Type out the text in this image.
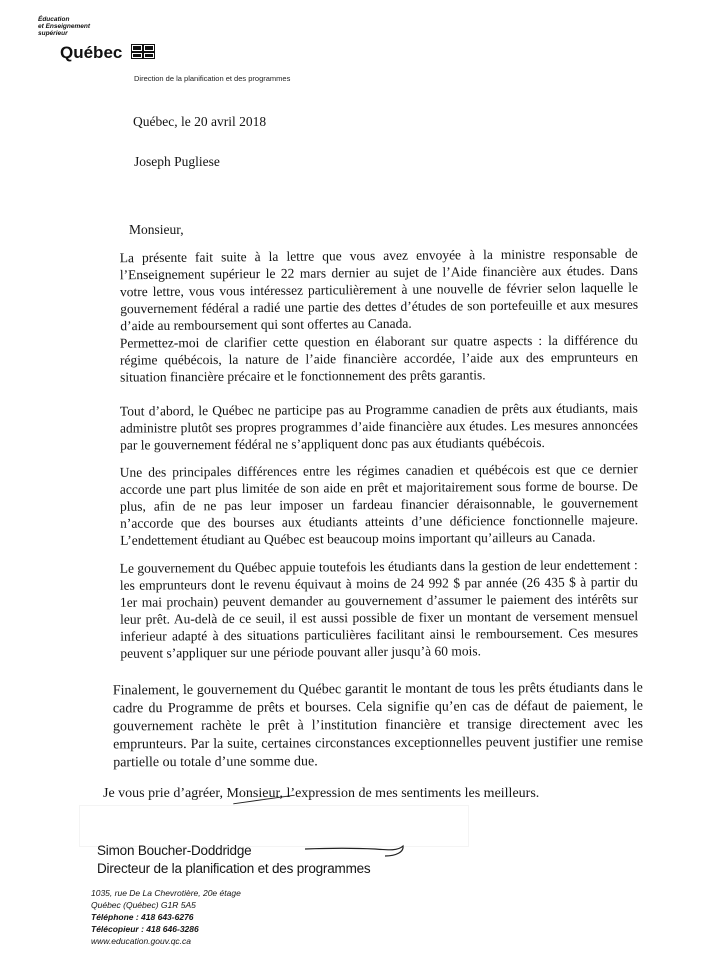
Éducation
et Enseignement
supérieur
Québec
Direction de la planification et des programmes
Québec, le 20 avril 2018
Joseph Pugliese
Monsieur,

La présente fait suite à la lettre que vous avez envoyée à la ministre responsable de l’Enseignement supérieur le 22 mars dernier au sujet de l’Aide financière aux études. Dans votre lettre, vous vous intéressez particulièrement à une nouvelle de février selon laquelle le gouvernement fédéral a radié une partie des dettes d’études de son portefeuille et aux mesures d’aide au remboursement qui sont offertes au Canada.

Permettez-moi de clarifier cette question en élaborant sur quatre aspects : la différence du régime québécois, la nature de l’aide financière accordée, l’aide aux des emprunteurs en situation financière précaire et le fonctionnement des prêts garantis.

Tout d’abord, le Québec ne participe pas au Programme canadien de prêts aux étudiants, mais administre plutôt ses propres programmes d’aide financière aux études. Les mesures annoncées par le gouvernement fédéral ne s’appliquent donc pas aux étudiants québécois.

Une des principales différences entre les régimes canadien et québécois est que ce dernier accorde une part plus limitée de son aide en prêt et majoritairement sous forme de bourse. De plus, afin de ne pas leur imposer un fardeau financier déraisonnable, le gouvernement n’accorde que des bourses aux étudiants atteints d’une déficience fonctionnelle majeure. L’endettement étudiant au Québec est beaucoup moins important qu’ailleurs au Canada.

Le gouvernement du Québec appuie toutefois les étudiants dans la gestion de leur endettement : les emprunteurs dont le revenu équivaut à moins de 24 992 $ par année (26 435 $ à partir du 1er mai prochain) peuvent demander au gouvernement d’assumer le paiement des intérêts sur leur prêt. Au-delà de ce seuil, il est aussi possible de fixer un montant de versement mensuel inferieur adapté à des situations particulières facilitant ainsi le remboursement. Ces mesures peuvent s’appliquer sur une période pouvant aller jusqu’à 60 mois.

Finalement, le gouvernement du Québec garantit le montant de tous les prêts étudiants dans le cadre du Programme de prêts et bourses. Cela signifie qu’en cas de défaut de paiement, le gouvernement rachète le prêt à l’institution financière et transige directement avec les emprunteurs. Par la suite, certaines circonstances exceptionnelles peuvent justifier une remise partielle ou totale d’une somme due.

Je vous prie d’agréer, Monsieur, l’expression de mes sentiments les meilleurs.
Simon Boucher-Doddridge
Directeur de la planification et des programmes
1035, rue De La Chevrotière, 20e étage
Québec (Québec) G1R 5A5
Téléphone : 418 643-6276
Télécopieur : 418 646-3286
www.education.gouv.qc.ca
